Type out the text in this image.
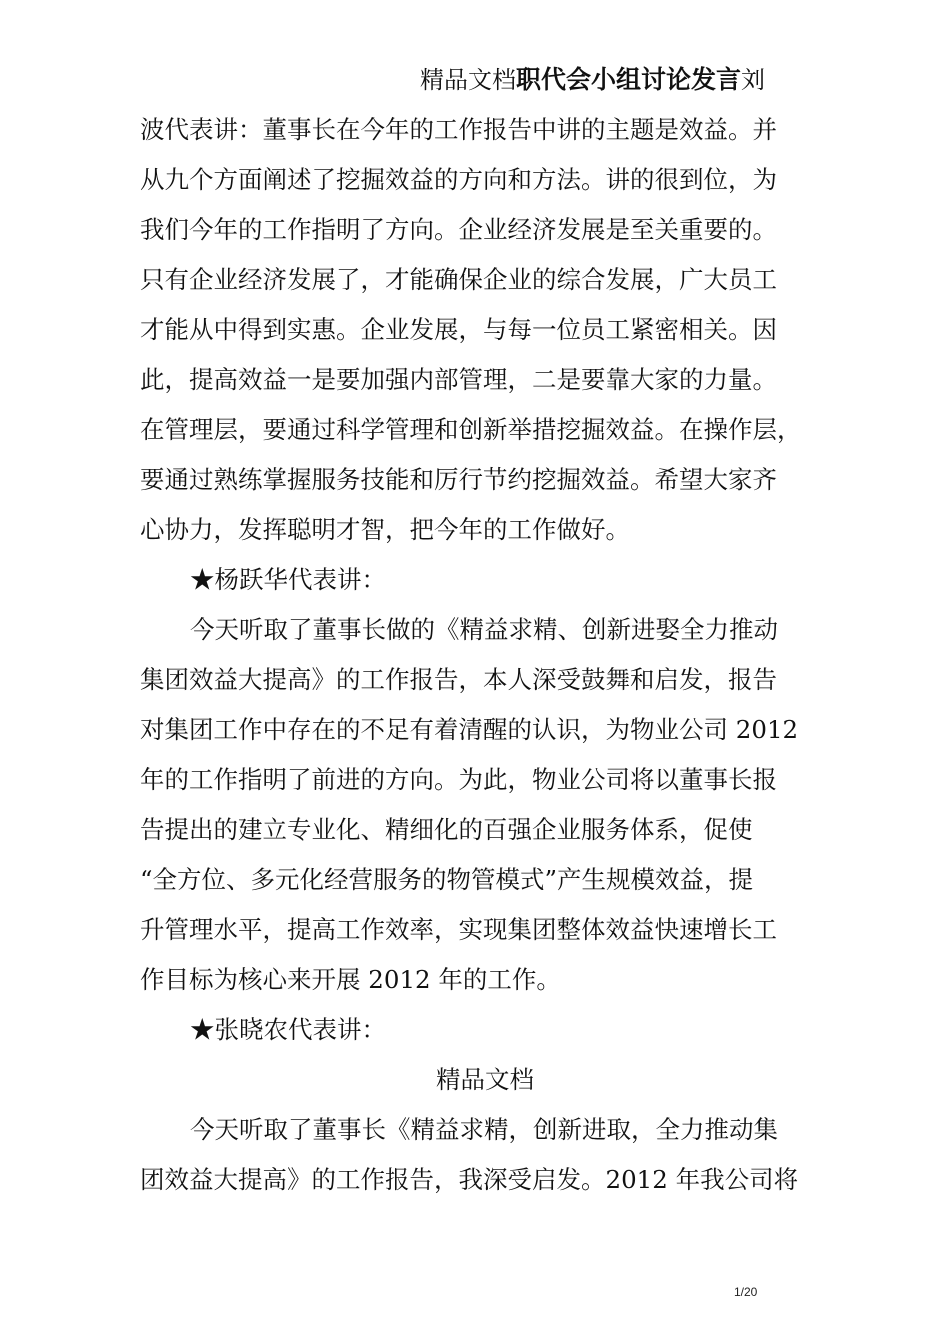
精品文档职代会小组讨论发言刘
波代表讲：董事长在今年的工作报告中讲的主题是效益。并
从九个方面阐述了挖掘效益的方向和方法。讲的很到位，为
我们今年的工作指明了方向。企业经济发展是至关重要的。
只有企业经济发展了，才能确保企业的综合发展，广大员工
才能从中得到实惠。企业发展，与每一位员工紧密相关。因
此，提高效益一是要加强内部管理，二是要靠大家的力量。
在管理层，要通过科学管理和创新举措挖掘效益。在操作层，
要通过熟练掌握服务技能和厉行节约挖掘效益。希望大家齐
心协力，发挥聪明才智，把今年的工作做好。
★杨跃华代表讲：
今天听取了董事长做的《精益求精、创新进娶全力推动
集团效益大提高》的工作报告，本人深受鼓舞和启发，报告
对集团工作中存在的不足有着清醒的认识，为物业公司 2012
年的工作指明了前进的方向。为此，物业公司将以董事长报
告提出的建立专业化、精细化的百强企业服务体系，促使
“全方位、多元化经营服务的物管模式”产生规模效益，提
升管理水平，提高工作效率，实现集团整体效益快速增长工
作目标为核心来开展 2012 年的工作。
★张晓农代表讲：
精品文档
今天听取了董事长《精益求精，创新进取，全力推动集
团效益大提高》的工作报告，我深受启发。2012 年我公司将
1/20
